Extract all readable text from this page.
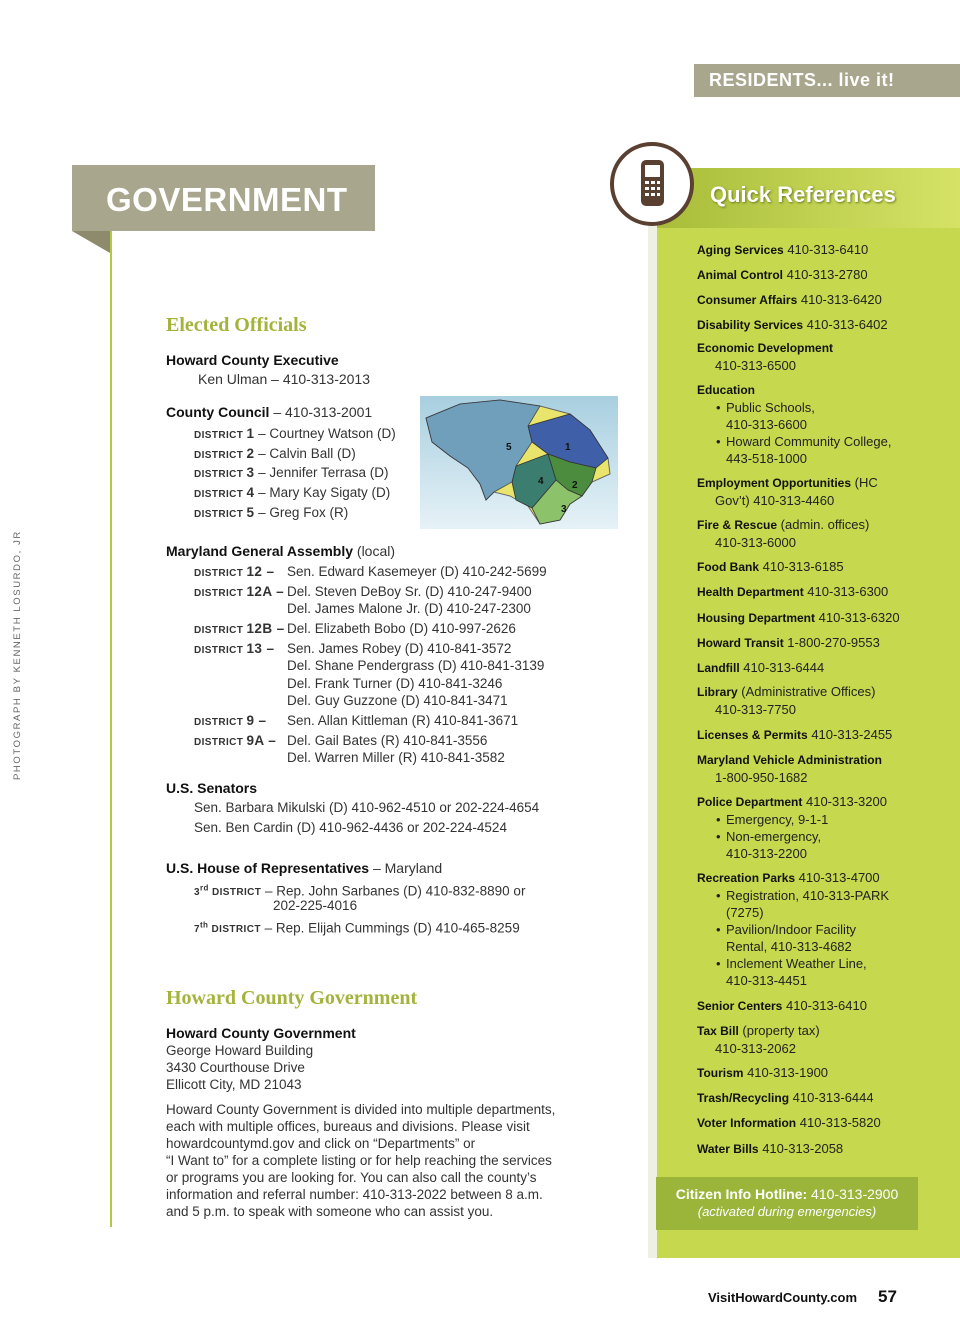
RESIDENTS... live it!
GOVERNMENT
PHOTOGRAPH BY KENNETH LOSURDO, JR
Elected Officials
Howard County Executive
Ken Ulman – 410-313-2013
County Council – 410-313-2001
DISTRICT 1 – Courtney Watson (D)
DISTRICT 2 – Calvin Ball (D)
DISTRICT 3 – Jennifer Terrasa (D)
DISTRICT 4 – Mary Kay Sigaty (D)
DISTRICT 5 – Greg Fox (R)
5	1
4	2
3
Maryland General Assembly (local)
DISTRICT 12 – Sen. Edward Kasemeyer (D) 410-242-5699
DISTRICT 12A – Del. Steven DeBoy Sr. (D) 410-247-9400
Del. James Malone Jr. (D) 410-247-2300
DISTRICT 12B – Del. Elizabeth Bobo (D) 410-997-2626
DISTRICT 13 – Sen. James Robey (D) 410-841-3572
Del. Shane Pendergrass (D) 410-841-3139
Del. Frank Turner (D) 410-841-3246
Del. Guy Guzzone (D) 410-841-3471
DISTRICT 9 – Sen. Allan Kittleman (R) 410-841-3671
DISTRICT 9A – Del. Gail Bates (R) 410-841-3556
Del. Warren Miller (R) 410-841-3582
U.S. Senators
Sen. Barbara Mikulski (D) 410-962-4510 or 202-224-4654
Sen. Ben Cardin (D) 410-962-4436 or 202-224-4524
U.S. House of Representatives – Maryland
3rd DISTRICT – Rep. John Sarbanes (D) 410-832-8890 or
202-225-4016
7th DISTRICT – Rep. Elijah Cummings (D) 410-465-8259
Howard County Government
Howard County Government
George Howard Building
3430 Courthouse Drive
Ellicott City, MD 21043
Howard County Government is divided into multiple departments,
each with multiple offices, bureaus and divisions. Please visit
howardcountymd.gov and click on “Departments” or
“I Want to” for a complete listing or for help reaching the services
or programs you are looking for. You can also call the county’s
information and referral number: 410-313-2022 between 8 a.m.
and 5 p.m. to speak with someone who can assist you.
Quick References
Aging Services 410-313-6410
Animal Control 410-313-2780
Consumer Affairs 410-313-6420
Disability Services 410-313-6402
Economic Development
410-313-6500
Education
• Public Schools,
410-313-6600
• Howard Community College,
443-518-1000
Employment Opportunities (HC
Gov’t) 410-313-4460
Fire & Rescue (admin. offices)
410-313-6000
Food Bank 410-313-6185
Health Department 410-313-6300
Housing Department 410-313-6320
Howard Transit 1-800-270-9553
Landfill 410-313-6444
Library (Administrative Offices)
410-313-7750
Licenses & Permits 410-313-2455
Maryland Vehicle Administration
1-800-950-1682
Police Department 410-313-3200
• Emergency, 9-1-1
• Non-emergency,
410-313-2200
Recreation Parks 410-313-4700
• Registration, 410-313-PARK
(7275)
• Pavilion/Indoor Facility
Rental, 410-313-4682
• Inclement Weather Line,
410-313-4451
Senior Centers 410-313-6410
Tax Bill (property tax)
410-313-2062
Tourism 410-313-1900
Trash/Recycling 410-313-6444
Voter Information 410-313-5820
Water Bills 410-313-2058
Citizen Info Hotline: 410-313-2900
(activated during emergencies)
VisitHowardCounty.com 57
